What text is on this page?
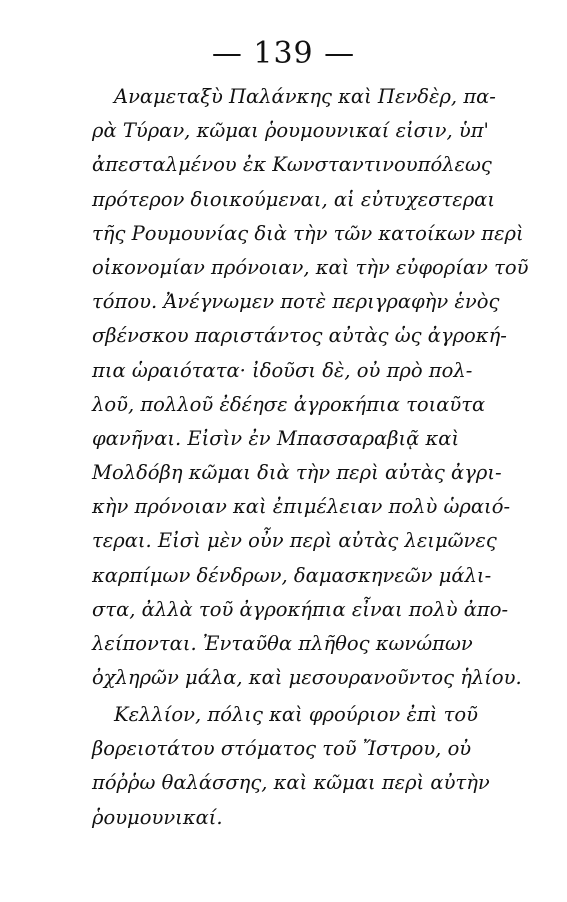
— 139 —
Αναμεταξὺ Παλάνκης καὶ Πενδὲρ, πα-
ρὰ Τύραν, κῶμαι ῥουμουνικαί εἰσιν, ὑπ'
ἀπεσταλμένου ἐκ Κωνσταντινουπόλεως
πρότερον διοικούμεναι, αἱ εὐτυχεστεραι
τῆς Ρουμουνίας διὰ τὴν τῶν κατοίκων περὶ
οἰκονομίαν πρόνοιαν, καὶ τὴν εὐφορίαν τοῦ
τόπου. Ἀνέγνωμεν ποτὲ περιγραφὴν ἑνὸς
σβένσκου παριστάντος αὐτὰς ὡς ἀγροκή-
πια ὡραιότατα· ἰδοῦσι δὲ, οὐ πρὸ πολ-
λοῦ, πολλοῦ ἐδέησε ἀγροκήπια τοιαῦτα
φανῆναι. Εἰσὶν ἐν Μπασσαραβιᾷ καὶ
Μολδόβη κῶμαι διὰ τὴν περὶ αὐτὰς ἀγρι-
κὴν πρόνοιαν καὶ ἐπιμέλειαν πολὺ ὡραιό-
τεραι. Εἰσὶ μὲν οὖν περὶ αὐτὰς λειμῶνες
καρπίμων δένδρων, δαμασκηνεῶν μάλι-
στα, ἀλλὰ τοῦ ἀγροκήπια εἶναι πολὺ ἀπο-
λείπονται. Ἐνταῦθα πλῆθος κωνώπων
ὀχληρῶν μάλα, καὶ μεσουρανοῦντος ἡλίου.
Κελλίον, πόλις καὶ φρούριον ἐπὶ τοῦ
βορειοτάτου στόματος τοῦ Ἴστρου, οὐ
πόῤῥω θαλάσσης, καὶ κῶμαι περὶ αὐτὴν
ῥουμουνικαί.
